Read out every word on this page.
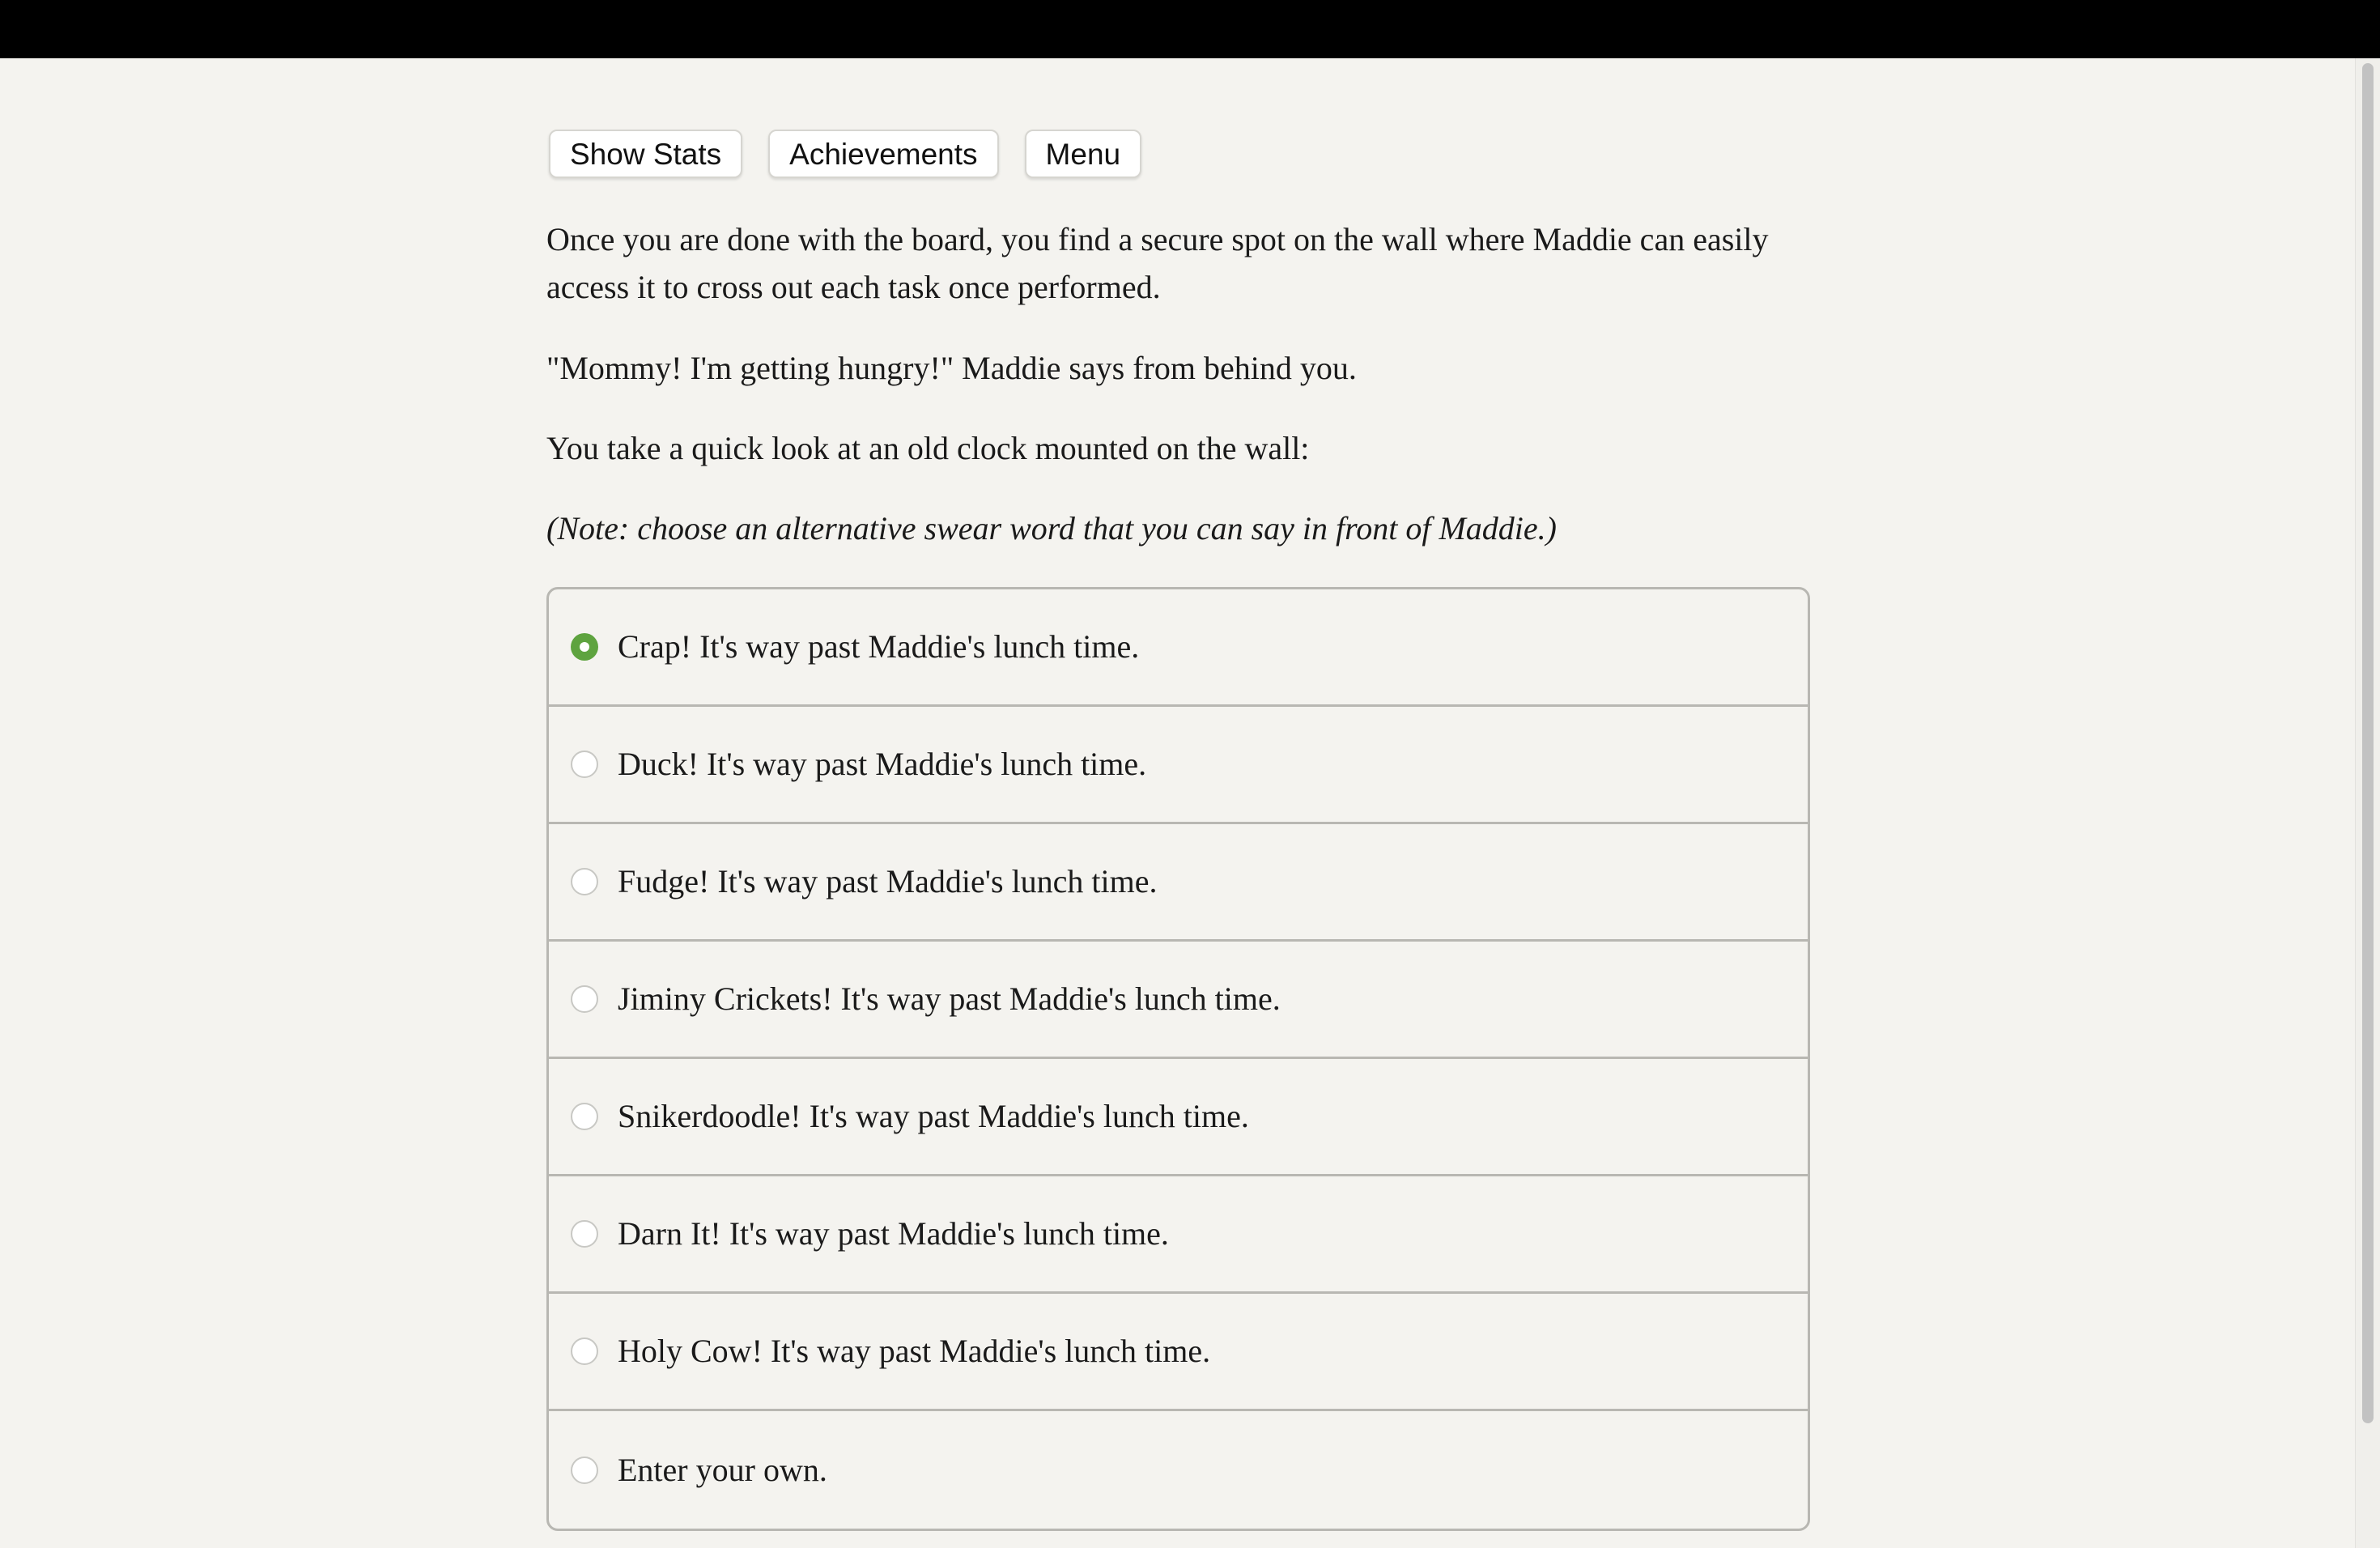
Show Stats	Achievements	Menu

Once you are done with the board, you find a secure spot on the wall where Maddie can easily access it to cross out each task once performed.

"Mommy! I'm getting hungry!" Maddie says from behind you.

You take a quick look at an old clock mounted on the wall:

(Note: choose an alternative swear word that you can say in front of Maddie.)

Crap! It's way past Maddie's lunch time.
Duck! It's way past Maddie's lunch time.
Fudge! It's way past Maddie's lunch time.
Jiminy Crickets! It's way past Maddie's lunch time.
Snikerdoodle! It's way past Maddie's lunch time.
Darn It! It's way past Maddie's lunch time.
Holy Cow! It's way past Maddie's lunch time.
Enter your own.
